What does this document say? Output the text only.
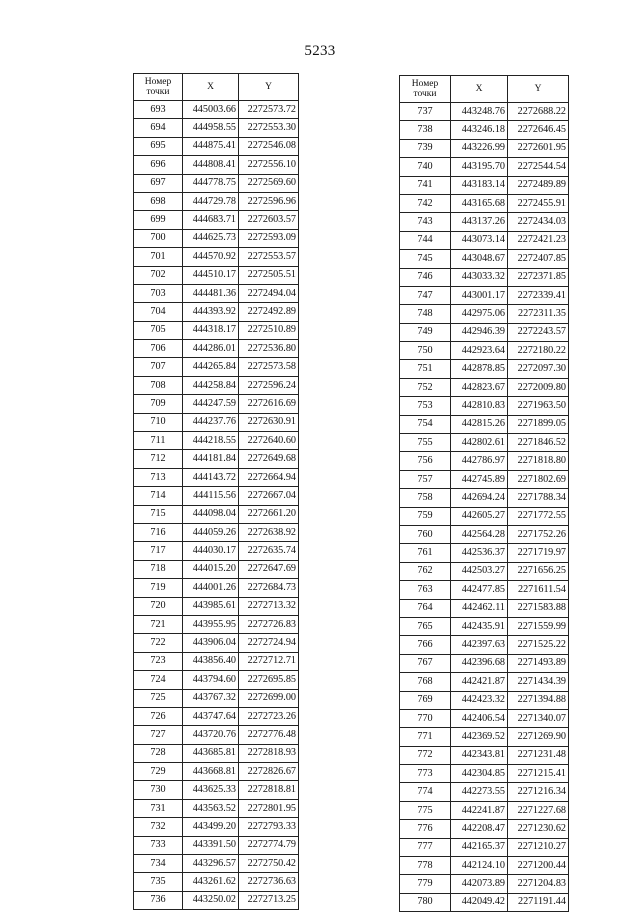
5233
Номер точки	X	Y
693	445003.66	2272573.72
694	444958.55	2272553.30
695	444875.41	2272546.08
696	444808.41	2272556.10
697	444778.75	2272569.60
698	444729.78	2272596.96
699	444683.71	2272603.57
700	444625.73	2272593.09
701	444570.92	2272553.57
702	444510.17	2272505.51
703	444481.36	2272494.04
704	444393.92	2272492.89
705	444318.17	2272510.89
706	444286.01	2272536.80
707	444265.84	2272573.58
708	444258.84	2272596.24
709	444247.59	2272616.69
710	444237.76	2272630.91
711	444218.55	2272640.60
712	444181.84	2272649.68
713	444143.72	2272664.94
714	444115.56	2272667.04
715	444098.04	2272661.20
716	444059.26	2272638.92
717	444030.17	2272635.74
718	444015.20	2272647.69
719	444001.26	2272684.73
720	443985.61	2272713.32
721	443955.95	2272726.83
722	443906.04	2272724.94
723	443856.40	2272712.71
724	443794.60	2272695.85
725	443767.32	2272699.00
726	443747.64	2272723.26
727	443720.76	2272776.48
728	443685.81	2272818.93
729	443668.81	2272826.67
730	443625.33	2272818.81
731	443563.52	2272801.95
732	443499.20	2272793.33
733	443391.50	2272774.79
734	443296.57	2272750.42
735	443261.62	2272736.63
736	443250.02	2272713.25
Номер точки	X	Y
737	443248.76	2272688.22
738	443246.18	2272646.45
739	443226.99	2272601.95
740	443195.70	2272544.54
741	443183.14	2272489.89
742	443165.68	2272455.91
743	443137.26	2272434.03
744	443073.14	2272421.23
745	443048.67	2272407.85
746	443033.32	2272371.85
747	443001.17	2272339.41
748	442975.06	2272311.35
749	442946.39	2272243.57
750	442923.64	2272180.22
751	442878.85	2272097.30
752	442823.67	2272009.80
753	442810.83	2271963.50
754	442815.26	2271899.05
755	442802.61	2271846.52
756	442786.97	2271818.80
757	442745.89	2271802.69
758	442694.24	2271788.34
759	442605.27	2271772.55
760	442564.28	2271752.26
761	442536.37	2271719.97
762	442503.27	2271656.25
763	442477.85	2271611.54
764	442462.11	2271583.88
765	442435.91	2271559.99
766	442397.63	2271525.22
767	442396.68	2271493.89
768	442421.87	2271434.39
769	442423.32	2271394.88
770	442406.54	2271340.07
771	442369.52	2271269.90
772	442343.81	2271231.48
773	442304.85	2271215.41
774	442273.55	2271216.34
775	442241.87	2271227.68
776	442208.47	2271230.62
777	442165.37	2271210.27
778	442124.10	2271200.44
779	442073.89	2271204.83
780	442049.42	2271191.44
